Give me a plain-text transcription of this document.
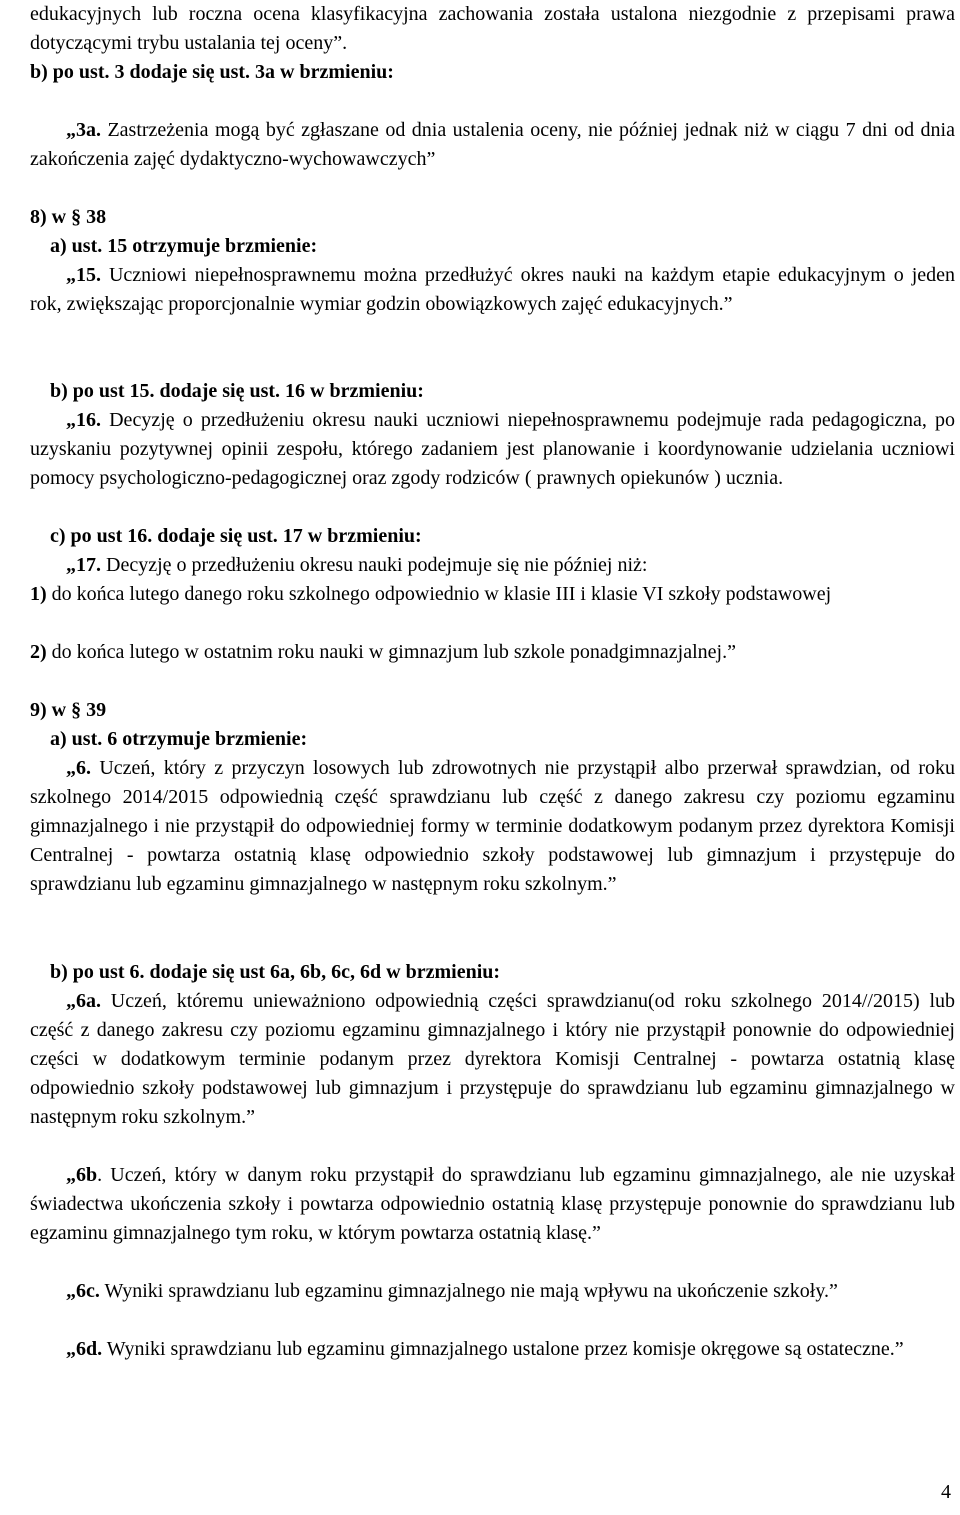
edukacyjnych lub roczna ocena klasyfikacyjna zachowania została ustalona niezgodnie z przepisami prawa dotyczącymi trybu ustalania tej oceny”.

b) po ust. 3 dodaje się ust. 3a w brzmieniu:

„3a. Zastrzeżenia mogą być zgłaszane od dnia ustalenia oceny, nie później jednak niż w ciągu 7 dni od dnia zakończenia zajęć dydaktyczno-wychowawczych”

8) w § 38

a) ust. 15 otrzymuje brzmienie:

„15. Uczniowi niepełnosprawnemu można przedłużyć okres nauki na każdym etapie edukacyjnym o jeden rok, zwiększając proporcjonalnie wymiar godzin obowiązkowych zajęć edukacyjnych.”

b) po ust 15. dodaje się ust. 16 w brzmieniu:

„16. Decyzję o przedłużeniu okresu nauki uczniowi niepełnosprawnemu podejmuje rada pedagogiczna, po uzyskaniu pozytywnej opinii zespołu, którego zadaniem jest planowanie i koordynowanie udzielania uczniowi pomocy psychologiczno-pedagogicznej oraz zgody rodziców ( prawnych opiekunów ) ucznia.

c) po ust 16. dodaje się ust. 17 w brzmieniu:

„17. Decyzję o przedłużeniu okresu nauki podejmuje się nie później niż:

1) do końca lutego danego roku szkolnego odpowiednio w klasie III i klasie VI szkoły podstawowej

2) do końca lutego w ostatnim roku nauki w gimnazjum lub szkole ponadgimnazjalnej.”

9) w § 39

a) ust. 6 otrzymuje brzmienie:

„6. Uczeń, który z przyczyn losowych lub zdrowotnych nie przystąpił albo przerwał sprawdzian, od roku szkolnego 2014/2015 odpowiednią część sprawdzianu lub część z danego zakresu czy poziomu egzaminu gimnazjalnego i nie przystąpił do odpowiedniej formy w terminie dodatkowym podanym przez dyrektora Komisji Centralnej - powtarza ostatnią klasę odpowiednio szkoły podstawowej lub gimnazjum i przystępuje do sprawdzianu lub egzaminu gimnazjalnego w następnym roku szkolnym.”

b) po ust 6. dodaje się ust 6a, 6b, 6c, 6d w brzmieniu:

„6a. Uczeń, któremu unieważniono odpowiednią części sprawdzianu(od roku szkolnego 2014//2015) lub część z danego zakresu czy poziomu egzaminu gimnazjalnego i który nie przystąpił ponownie do odpowiedniej części w dodatkowym terminie podanym przez dyrektora Komisji Centralnej - powtarza ostatnią klasę odpowiednio szkoły podstawowej lub gimnazjum i przystępuje do sprawdzianu lub egzaminu gimnazjalnego w następnym roku szkolnym.”

„6b. Uczeń, który w danym roku przystąpił do sprawdzianu lub egzaminu gimnazjalnego, ale nie uzyskał świadectwa ukończenia szkoły i powtarza odpowiednio ostatnią klasę przystępuje ponownie do sprawdzianu lub egzaminu gimnazjalnego tym roku, w którym powtarza ostatnią klasę.”

„6c. Wyniki sprawdzianu lub egzaminu gimnazjalnego nie mają wpływu na ukończenie szkoły.”

„6d. Wyniki sprawdzianu lub egzaminu gimnazjalnego ustalone przez komisje okręgowe są ostateczne.”

4
